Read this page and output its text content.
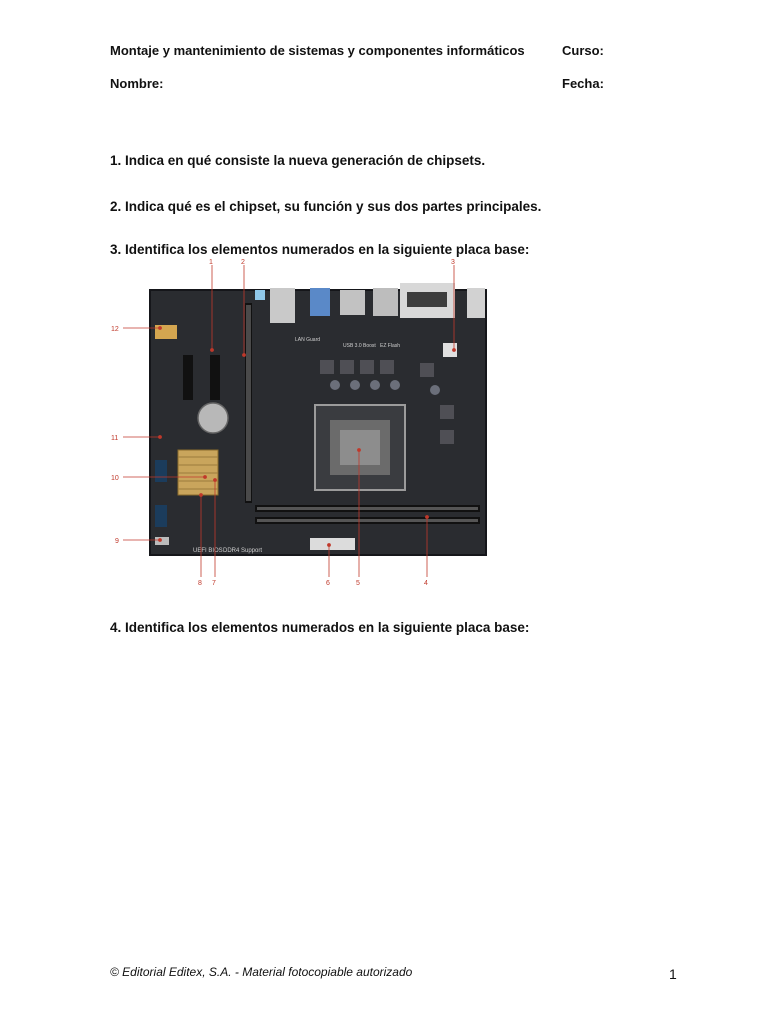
Montaje y mantenimiento de sistemas y componentes informáticos	Curso:
Nombre:	Fecha:
1. Indica en qué consiste la nueva generación de chipsets.
2. Indica qué es el chipset, su función y sus dos partes principales.
3. Identifica los elementos numerados en la siguiente placa base:
UEFI BIOS DDR4 Support
EZ Flash
USB 3.0 Boost
LAN Guard
1	2	3
4
5
6
7
8
9
10
11
12
4. Identifica los elementos numerados en la siguiente placa base:
© Editorial Editex, S.A. - Material fotocopiable autorizado	1
